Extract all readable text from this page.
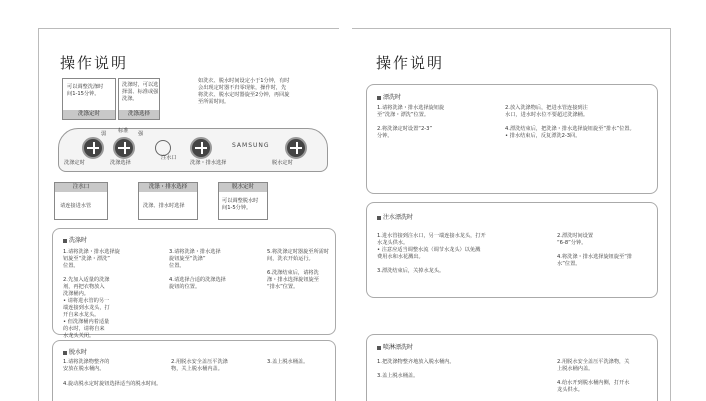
操作说明
可以调整洗涤时
间1-15分钟。
洗涤定时
洗涤时，可以选
择弱、标准或强
洗涤。
洗涤选择
如洗衣、脱水时间设定小于1分钟，有时
会出现定时器不归零现象，操作时，先
将洗衣、脱水定时器旋至2分钟，再回旋
至所需时间。
SAMSUNG
洗涤定时	洗涤选择	洗涤・排水选择	脱水定时
弱	强
标准
注水口
注水口
请连接进水管
洗涤・排水选择
洗涤、排水时选择
脱水定时
可以调整脱水时
间1-5分钟。
洗涤时
1.请将洗涤・排水选择旋
钮旋至“洗涤・漂洗”
位置。

2.先加入适量的洗涤
剂，再把衣物放入
洗涤桶内。
• 请将进水管的另一
端连接到水龙头，打
开自来水龙头。
• 但洗涤桶内着适量
的水时，请将自来
水龙头关闭。
3.请将洗涤・排水选择
旋钮旋至“洗涤”
位置。

4.请选择合适的洗涤选择
旋钮的位置。
5.将洗涤定时器旋至所需时
间，洗衣开始运行。

6.洗涤结束后，请将洗
涤・排水选择旋钮旋至
“排水”位置。
脱水时
1.请将洗涤物整齐的
安放在脱水桶内。
2.用脱水安全盖压平洗涤
物，关上脱水桶内盖。
3.盖上脱水桶盖。
4.旋动脱水定时旋钮选择适当的脱水时间。
操作说明
漂洗时
1.请将洗涤・排水选择旋钮旋
至“洗涤・漂洗”位置。

2.将洗涤定时设置“2-3”
分钟。
2.放入洗涤物后，把进水管连接到注
水口，进水时水位不要超过洗涤桶。

4.漂洗结束后，把洗涤・排水选择旋钮旋至“排水”位置。
• 排水结束后，反复漂洗2-3回。
注水漂洗时
1.进水管接到注水口，另一端连接水龙头，打开
水龙头供水。
• 注意应适当调整水流（调节水龙头）以免溅
费用水和水花溅出。

3.漂洗结束后，关掉水龙头。
2.漂洗时间设置
“6-8”分钟。

4.将洗涤・排水选择旋钮旋至“排
水”位置。
喷淋漂洗时
1.把洗涤物整齐地放入脱水桶内。

3.盖上脱水桶盖。
2.用脱水安全盖压平洗涤物，关
上脱水桶内盖。

4.给水开到脱水桶内侧，打开水
龙头供水。
